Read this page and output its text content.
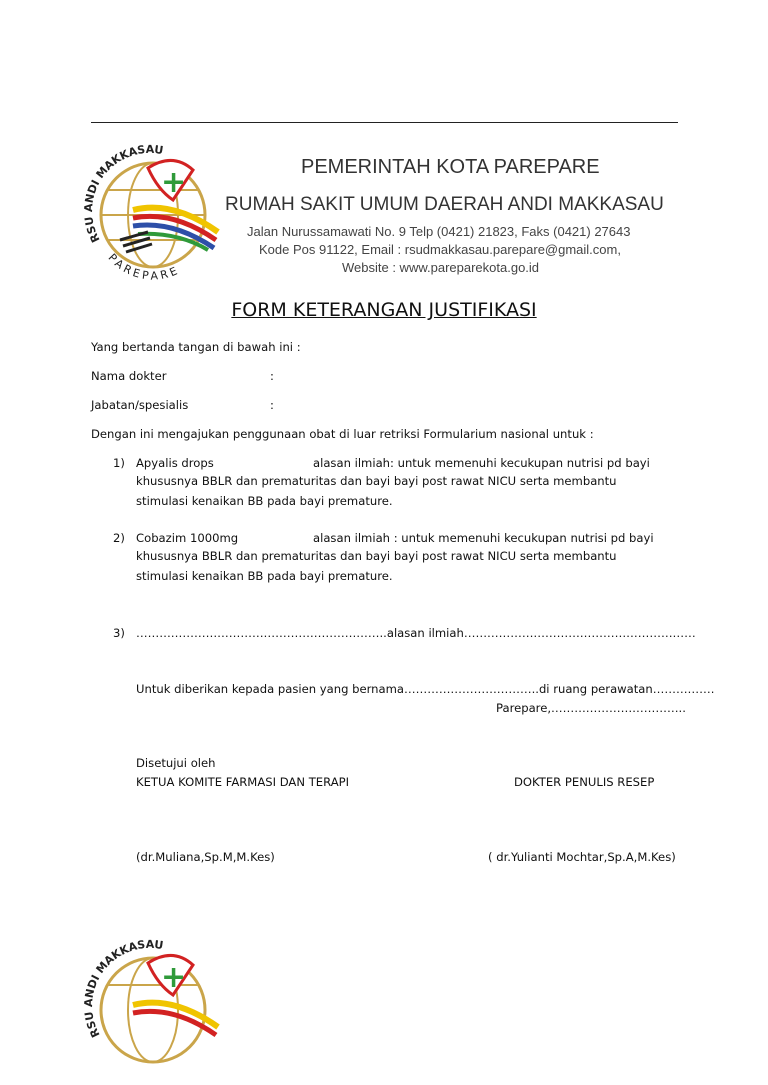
+
RSU ANDI MAKKASAU
PAREPARE
PEMERINTAH KOTA PAREPARE
RUMAH SAKIT UMUM DAERAH ANDI MAKKASAU
Jalan Nurussamawati No. 9 Telp (0421) 21823, Faks (0421) 27643
Kode Pos 91122, Email : rsudmakkasau.parepare@gmail.com,
Website : www.pareparekota.go.id
FORM KETERANGAN JUSTIFIKASI
Yang bertanda tangan di bawah ini :
Nama dokter	:
Jabatan/spesialis	:
Dengan ini mengajukan penggunaan obat di luar retriksi Formularium nasional untuk :
1) Apyalis drops	alasan ilmiah: untuk memenuhi kecukupan nutrisi pd bayi
khususnya BBLR dan prematuritas dan bayi bayi post rawat NICU serta membantu stimulasi kenaikan BB pada bayi premature.
2) Cobazim 1000mg	alasan ilmiah : untuk memenuhi kecukupan nutrisi pd bayi
khususnya BBLR dan prematuritas dan bayi bayi post rawat NICU serta membantu stimulasi kenaikan BB pada bayi premature.
3) ………………………………………………………..alasan ilmiah……………………………………………………
Untuk diberikan kepada pasien yang bernama……………………………..di ruang perawatan…………….
Parepare,……………………………..
Disetujui oleh
KETUA KOMITE FARMASI DAN TERAPI	DOKTER PENULIS RESEP
(dr.Muliana,Sp.M,M.Kes)	( dr.Yulianti Mochtar,Sp.A,M.Kes)
+
RSU ANDI MAKKASAU
